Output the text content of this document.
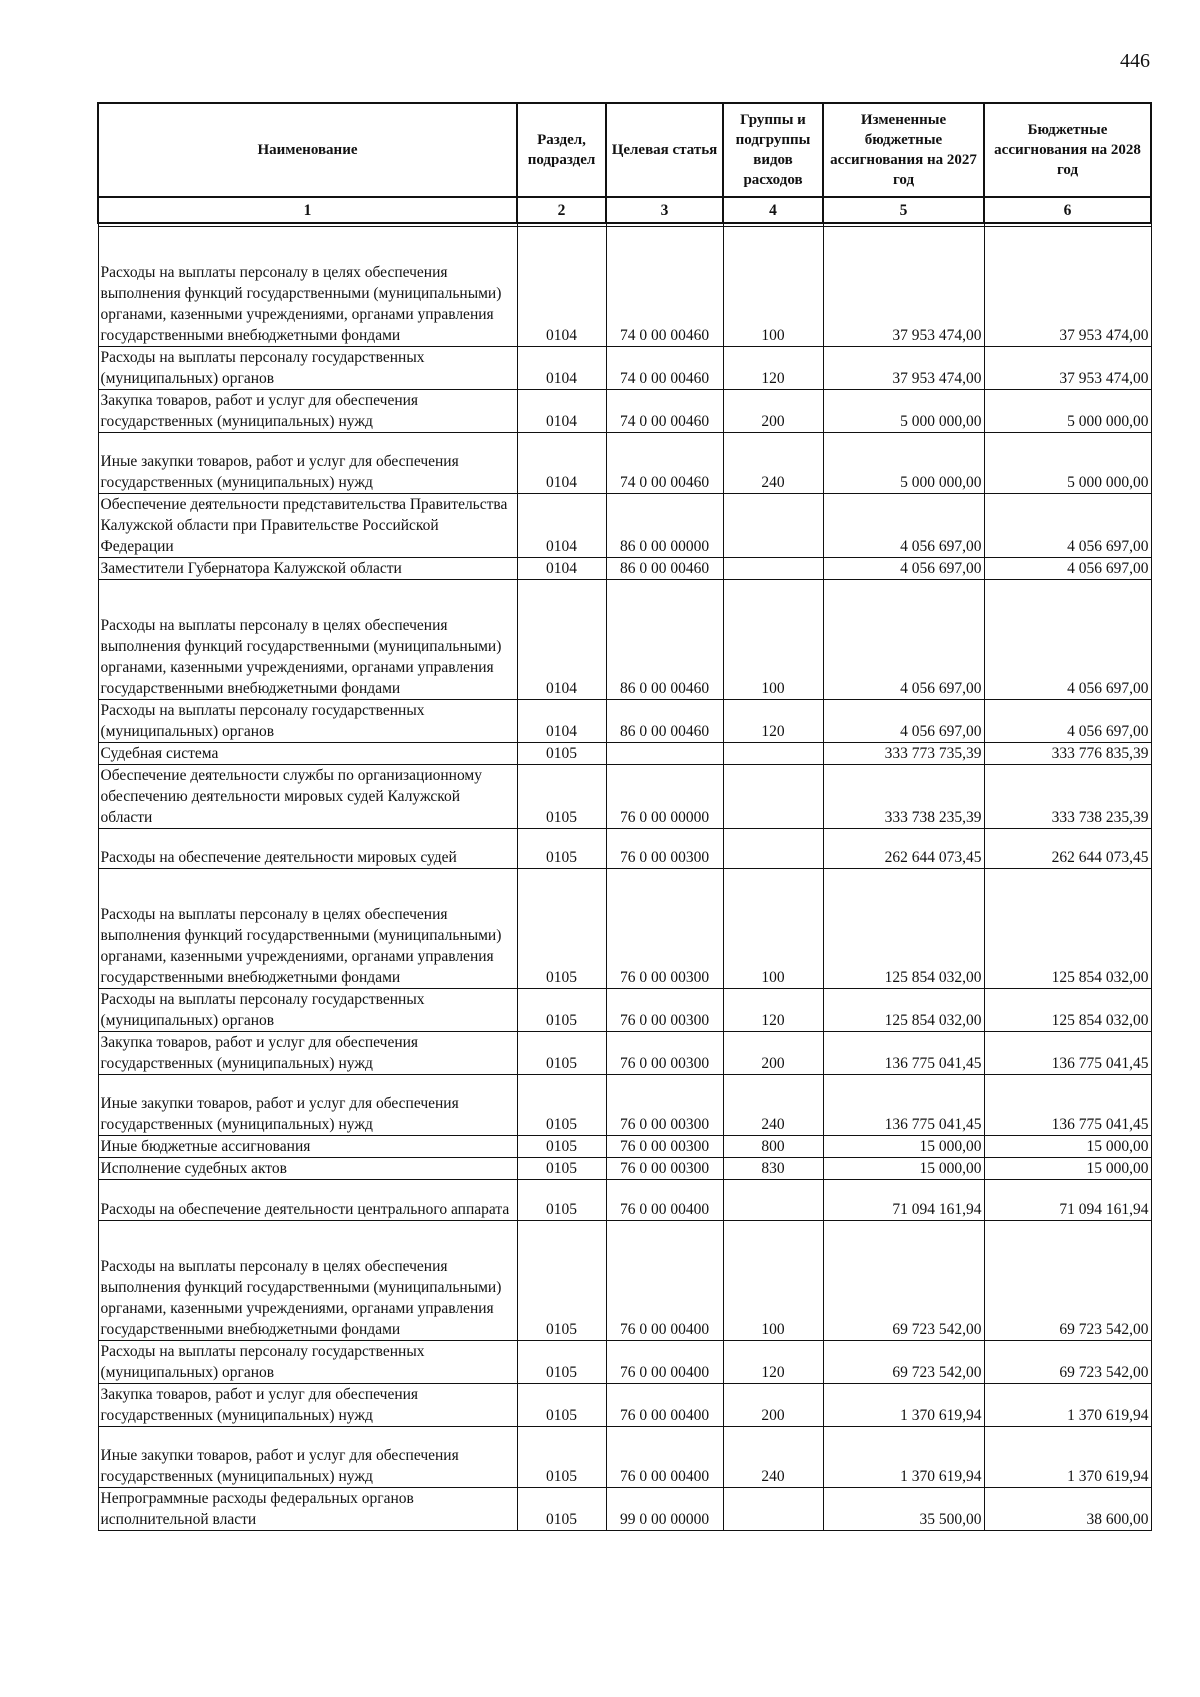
446
Наименование	Раздел, подраздел	Целевая статья	Группы и подгруппы видов расходов	Измененные бюджетные ассигнования на 2027 год	Бюджетные ассигнования на 2028 год
1	2	3	4	5	6

Расходы на выплаты персоналу в целях обеспечения выполнения функций государственными (муниципальными) органами, казенными учреждениями, органами управления государственными внебюджетными фондами	0104	74 0 00 00460	100	37 953 474,00	37 953 474,00
Расходы на выплаты персоналу государственных (муниципальных) органов	0104	74 0 00 00460	120	37 953 474,00	37 953 474,00
Закупка товаров, работ и услуг для обеспечения государственных (муниципальных) нужд	0104	74 0 00 00460	200	5 000 000,00	5 000 000,00
Иные закупки товаров, работ и услуг для обеспечения государственных (муниципальных) нужд	0104	74 0 00 00460	240	5 000 000,00	5 000 000,00
Обеспечение деятельности представительства Правительства Калужской области при Правительстве Российской Федерации	0104	86 0 00 00000		4 056 697,00	4 056 697,00
Заместители Губернатора Калужской области	0104	86 0 00 00460		4 056 697,00	4 056 697,00
Расходы на выплаты персоналу в целях обеспечения выполнения функций государственными (муниципальными) органами, казенными учреждениями, органами управления государственными внебюджетными фондами	0104	86 0 00 00460	100	4 056 697,00	4 056 697,00
Расходы на выплаты персоналу государственных (муниципальных) органов	0104	86 0 00 00460	120	4 056 697,00	4 056 697,00
Судебная система	0105			333 773 735,39	333 776 835,39
Обеспечение деятельности службы по организационному обеспечению деятельности мировых судей Калужской области	0105	76 0 00 00000		333 738 235,39	333 738 235,39
Расходы на обеспечение деятельности мировых судей	0105	76 0 00 00300		262 644 073,45	262 644 073,45
Расходы на выплаты персоналу в целях обеспечения выполнения функций государственными (муниципальными) органами, казенными учреждениями, органами управления государственными внебюджетными фондами	0105	76 0 00 00300	100	125 854 032,00	125 854 032,00
Расходы на выплаты персоналу государственных (муниципальных) органов	0105	76 0 00 00300	120	125 854 032,00	125 854 032,00
Закупка товаров, работ и услуг для обеспечения государственных (муниципальных) нужд	0105	76 0 00 00300	200	136 775 041,45	136 775 041,45
Иные закупки товаров, работ и услуг для обеспечения государственных (муниципальных) нужд	0105	76 0 00 00300	240	136 775 041,45	136 775 041,45
Иные бюджетные ассигнования	0105	76 0 00 00300	800	15 000,00	15 000,00
Исполнение судебных актов	0105	76 0 00 00300	830	15 000,00	15 000,00
Расходы на обеспечение деятельности центрального аппарата	0105	76 0 00 00400		71 094 161,94	71 094 161,94
Расходы на выплаты персоналу в целях обеспечения выполнения функций государственными (муниципальными) органами, казенными учреждениями, органами управления государственными внебюджетными фондами	0105	76 0 00 00400	100	69 723 542,00	69 723 542,00
Расходы на выплаты персоналу государственных (муниципальных) органов	0105	76 0 00 00400	120	69 723 542,00	69 723 542,00
Закупка товаров, работ и услуг для обеспечения государственных (муниципальных) нужд	0105	76 0 00 00400	200	1 370 619,94	1 370 619,94
Иные закупки товаров, работ и услуг для обеспечения государственных (муниципальных) нужд	0105	76 0 00 00400	240	1 370 619,94	1 370 619,94
Непрограммные расходы федеральных органов исполнительной власти	0105	99 0 00 00000		35 500,00	38 600,00
